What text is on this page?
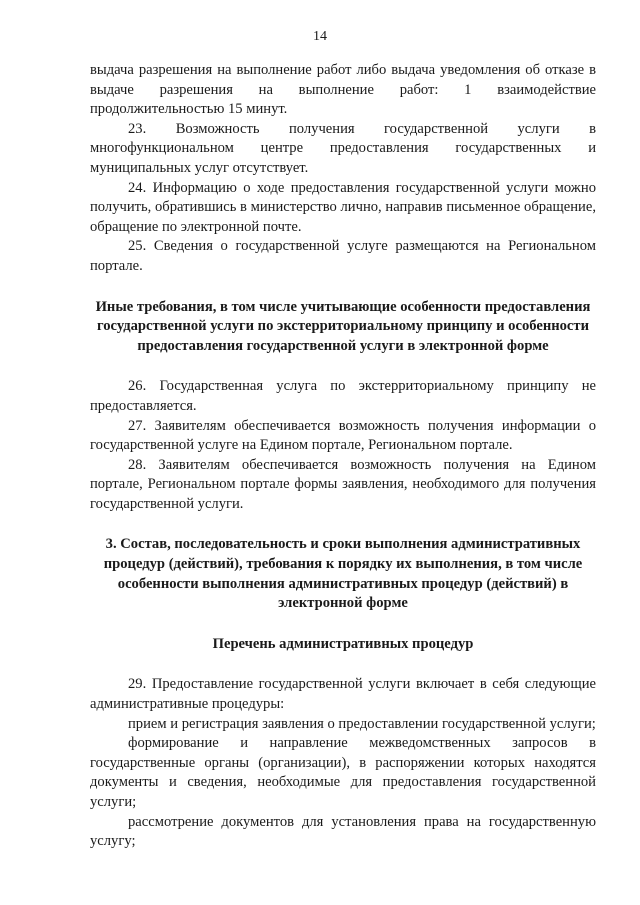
14

выдача разрешения на выполнение работ либо выдача уведомления об отказе в выдаче разрешения на выполнение работ: 1 взаимодействие продолжительностью 15 минут.

23. Возможность получения государственной услуги в многофункциональном центре предоставления государственных и муниципальных услуг отсутствует.

24. Информацию о ходе предоставления государственной услуги можно получить, обратившись в министерство лично, направив письменное обращение, обращение по электронной почте.

25. Сведения о государственной услуге размещаются на Региональном портале.

Иные требования, в том числе учитывающие особенности предоставления государственной услуги по экстерриториальному принципу и особенности предоставления государственной услуги в электронной форме

26. Государственная услуга по экстерриториальному принципу не предоставляется.

27. Заявителям обеспечивается возможность получения информации о государственной услуге на Едином портале, Региональном портале.

28. Заявителям обеспечивается возможность получения на Едином портале, Региональном портале формы заявления, необходимого для получения государственной услуги.

3. Состав, последовательность и сроки выполнения административных процедур (действий), требования к порядку их выполнения, в том числе особенности выполнения административных процедур (действий) в электронной форме
Перечень административных процедур

29. Предоставление государственной услуги включает в себя следующие административные процедуры:

прием и регистрация заявления о предоставлении государственной услуги;

формирование и направление межведомственных запросов в государственные органы (организации), в распоряжении которых находятся документы и сведения, необходимые для предоставления государственной услуги;

рассмотрение документов для установления права на государственную услугу;
